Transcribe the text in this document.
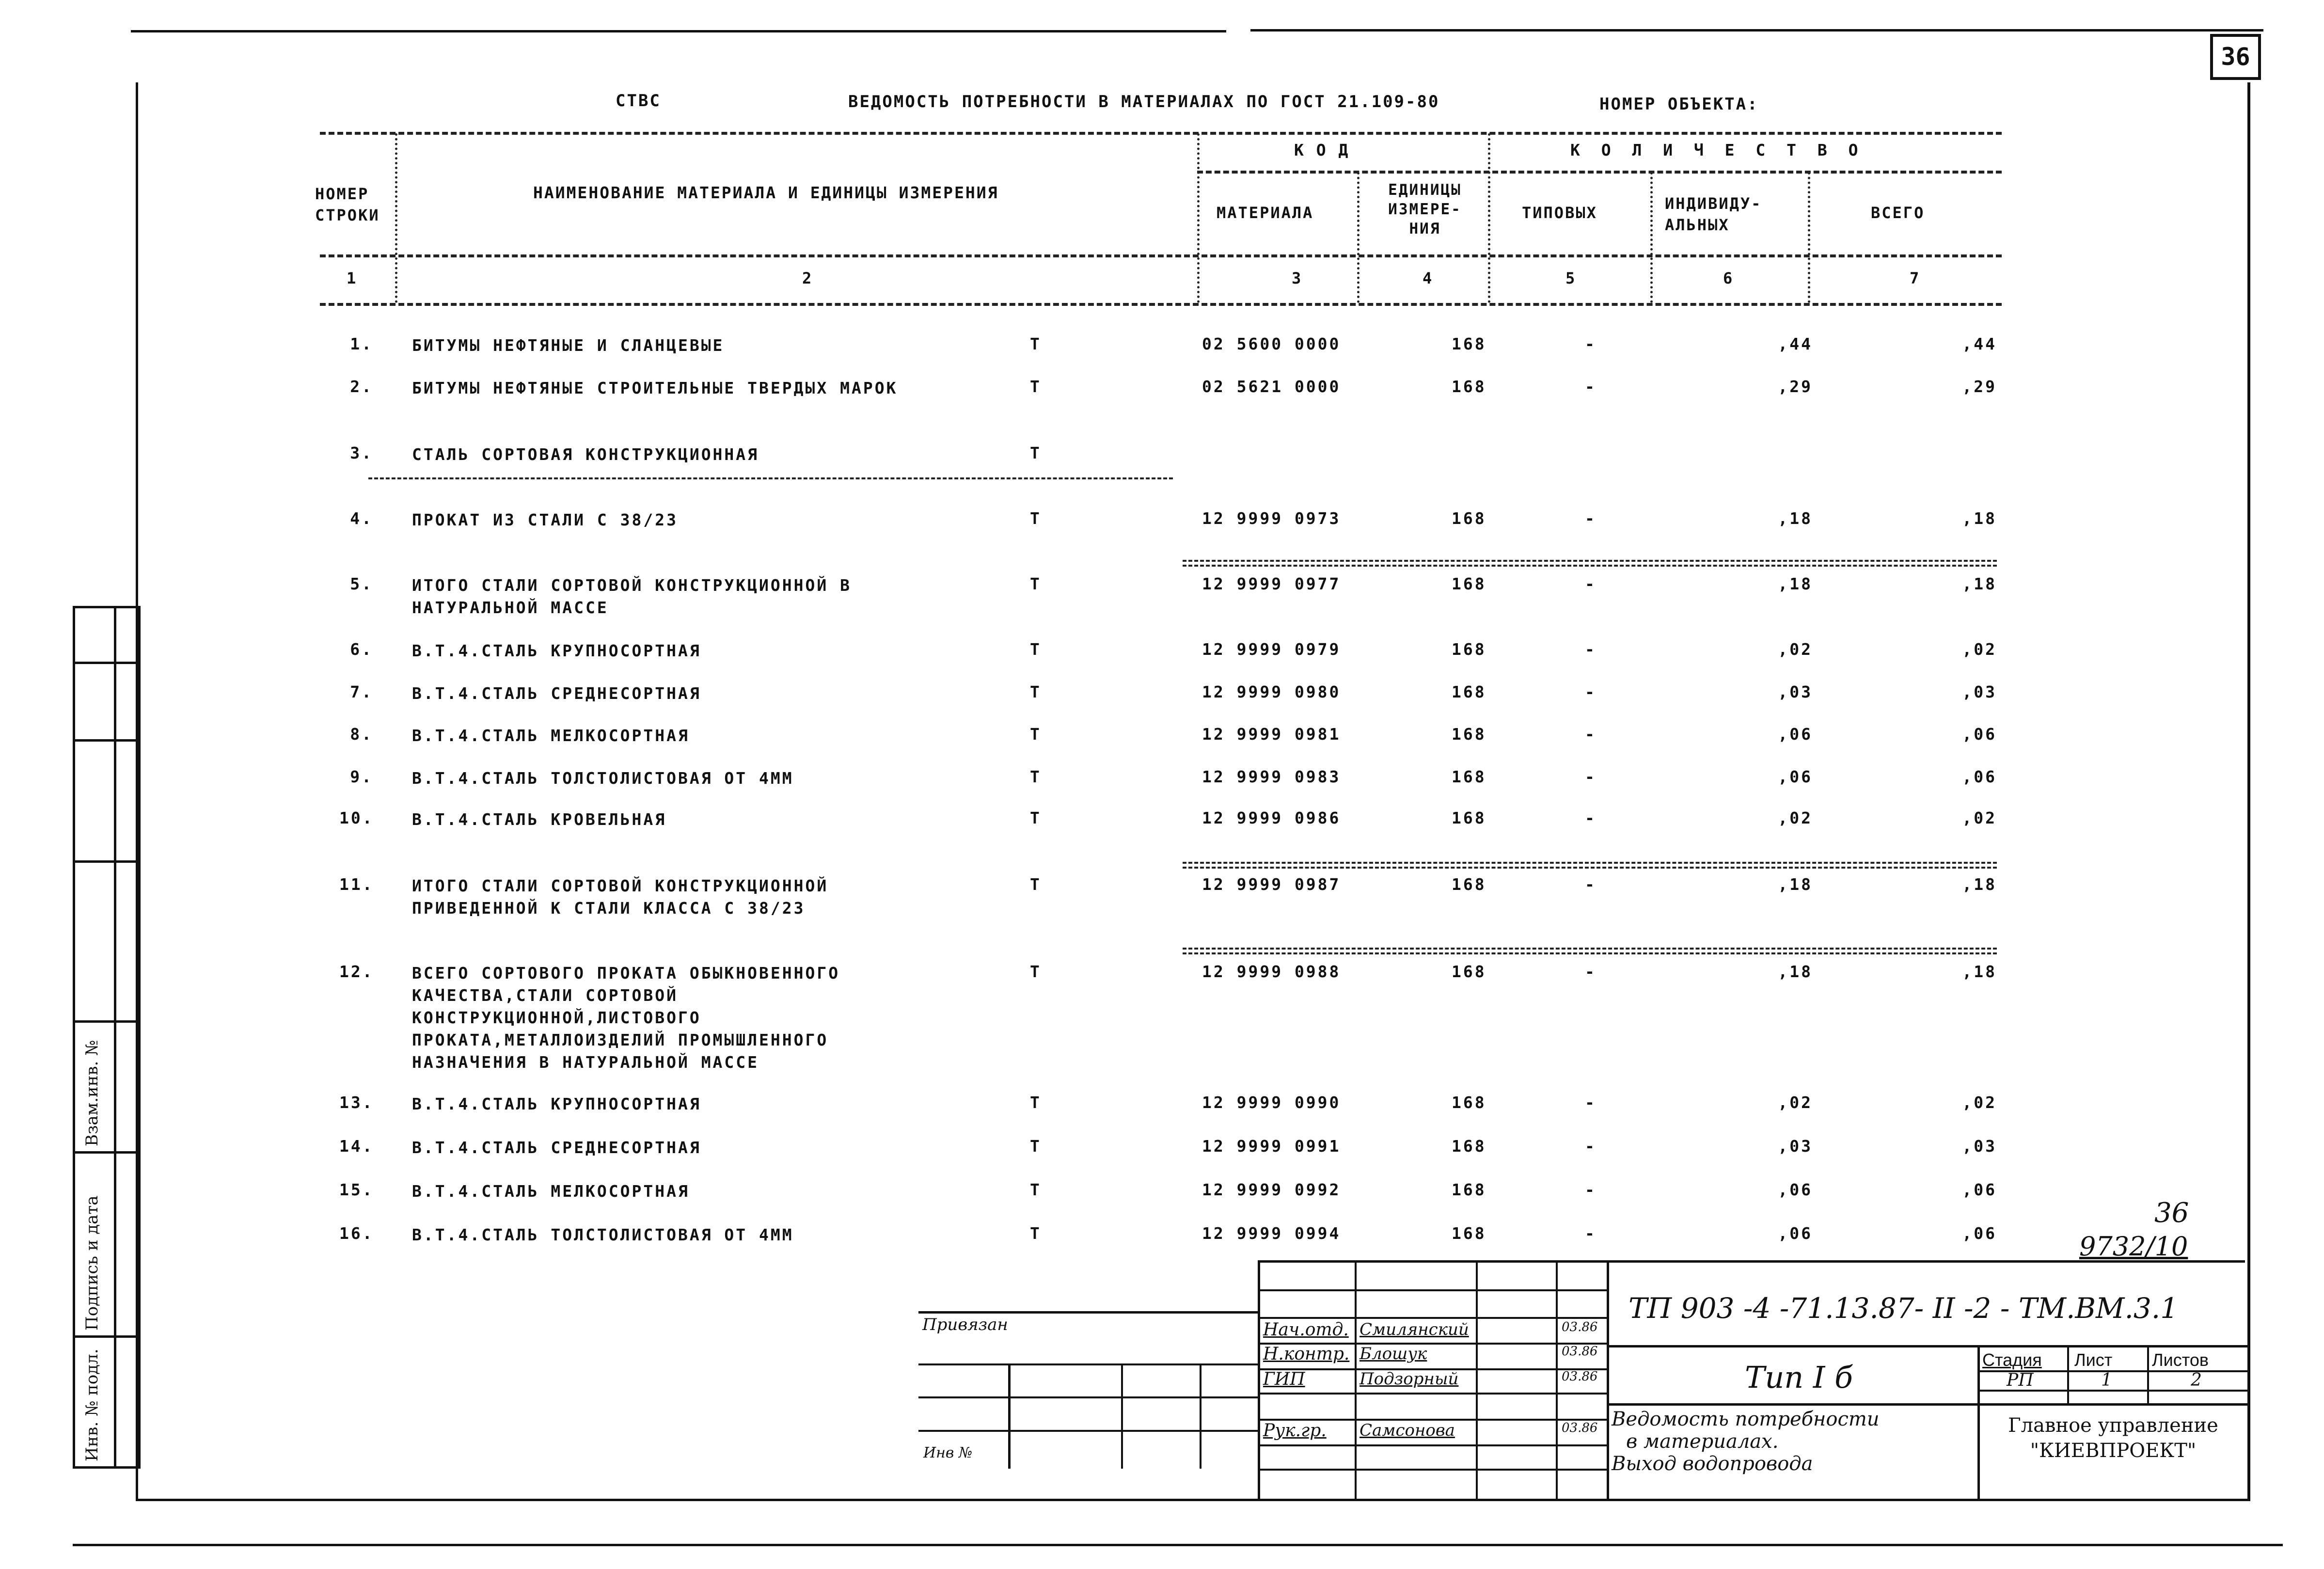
36
СТВС	ВЕДОМОСТЬ ПОТРЕБНОСТИ В МАТЕРИАЛАХ ПО ГОСТ 21.109-80	НОМЕР ОБЪЕКТА:
НОМЕР
СТРОКИ
НАИМЕНОВАНИЕ МАТЕРИАЛА И ЕДИНИЦЫ ИЗМЕРЕНИЯ
К О Д	К О Л И Ч Е С Т В О
МАТЕРИАЛА
ЕДИНИЦЫ
ИЗМЕРЕ-
НИЯ
ТИПОВЫХ	ИНДИВИДУ-
АЛЬНЫХ
ВСЕГО
1	2	3	4	5	6	7
1. БИТУМЫ НЕФТЯНЫЕ И СЛАНЦЕВЫЕ	Т	02 5600 0000	168	-	,44	,44
2. БИТУМЫ НЕФТЯНЫЕ СТРОИТЕЛЬНЫЕ ТВЕРДЫХ МАРОК	Т	02 5621 0000	168	-	,29	,29
3. СТАЛЬ СОРТОВАЯ КОНСТРУКЦИОННАЯ	Т
4. ПРОКАТ ИЗ СТАЛИ С 38/23	Т	12 9999 0973	168	-	,18	,18
5. ИТОГО СТАЛИ СОРТОВОЙ КОНСТРУКЦИОННОЙ В
НАТУРАЛЬНОЙ МАССЕ
Т	12 9999 0977	168	-	,18	,18
6. В.Т.4.СТАЛЬ КРУПНОСОРТНАЯ	Т	12 9999 0979	168	-	,02	,02
7. В.Т.4.СТАЛЬ СРЕДНЕСОРТНАЯ	Т	12 9999 0980	168	-	,03	,03
8. В.Т.4.СТАЛЬ МЕЛКОСОРТНАЯ	Т	12 9999 0981	168	-	,06	,06
9. В.Т.4.СТАЛЬ ТОЛСТОЛИСТОВАЯ ОТ 4ММ	Т	12 9999 0983	168	-	,06	,06
10. В.Т.4.СТАЛЬ КРОВЕЛЬНАЯ	Т	12 9999 0986	168	-	,02	,02
11. ИТОГО СТАЛИ СОРТОВОЙ КОНСТРУКЦИОННОЙ
ПРИВЕДЕННОЙ К СТАЛИ КЛАССА С 38/23
Т	12 9999 0987	168	-	,18	,18
12. ВСЕГО СОРТОВОГО ПРОКАТА ОБЫКНОВЕННОГО
КАЧЕСТВА,СТАЛИ СОРТОВОЙ
КОНСТРУКЦИОННОЙ,ЛИСТОВОГО
ПРОКАТА,МЕТАЛЛОИЗДЕЛИЙ ПРОМЫШЛЕННОГО
НАЗНАЧЕНИЯ В НАТУРАЛЬНОЙ МАССЕ
Т	12 9999 0988	168	-	,18	,18
13. В.Т.4.СТАЛЬ КРУПНОСОРТНАЯ	Т	12 9999 0990	168	-	,02	,02
14. В.Т.4.СТАЛЬ СРЕДНЕСОРТНАЯ	Т	12 9999 0991	168	-	,03	,03
15. В.Т.4.СТАЛЬ МЕЛКОСОРТНАЯ	Т	12 9999 0992	168	-	,06	,06
16. В.Т.4.СТАЛЬ ТОЛСТОЛИСТОВАЯ ОТ 4ММ	Т	12 9999 0994	168	-	,06	,06
36
9732/10
Инв. № подл.
Подпись и дата
Взам.инв. №
Привязан
Инв №
Нач.отд. Смилянский	03.86
Н.контр. Блошук	03.86
ГИП	Подзорный	03.86
Рук.гр. Самсонова	03.86
ТП 903 -4 -71.13.87- II -2 - ТМ.ВМ.3.1
Тип I б
Ведомость потребности
в материалах.
Выход водопровода
Стадия Лист Листов
РП	1	2
Главное управление
"КИЕВПРОЕКТ"
